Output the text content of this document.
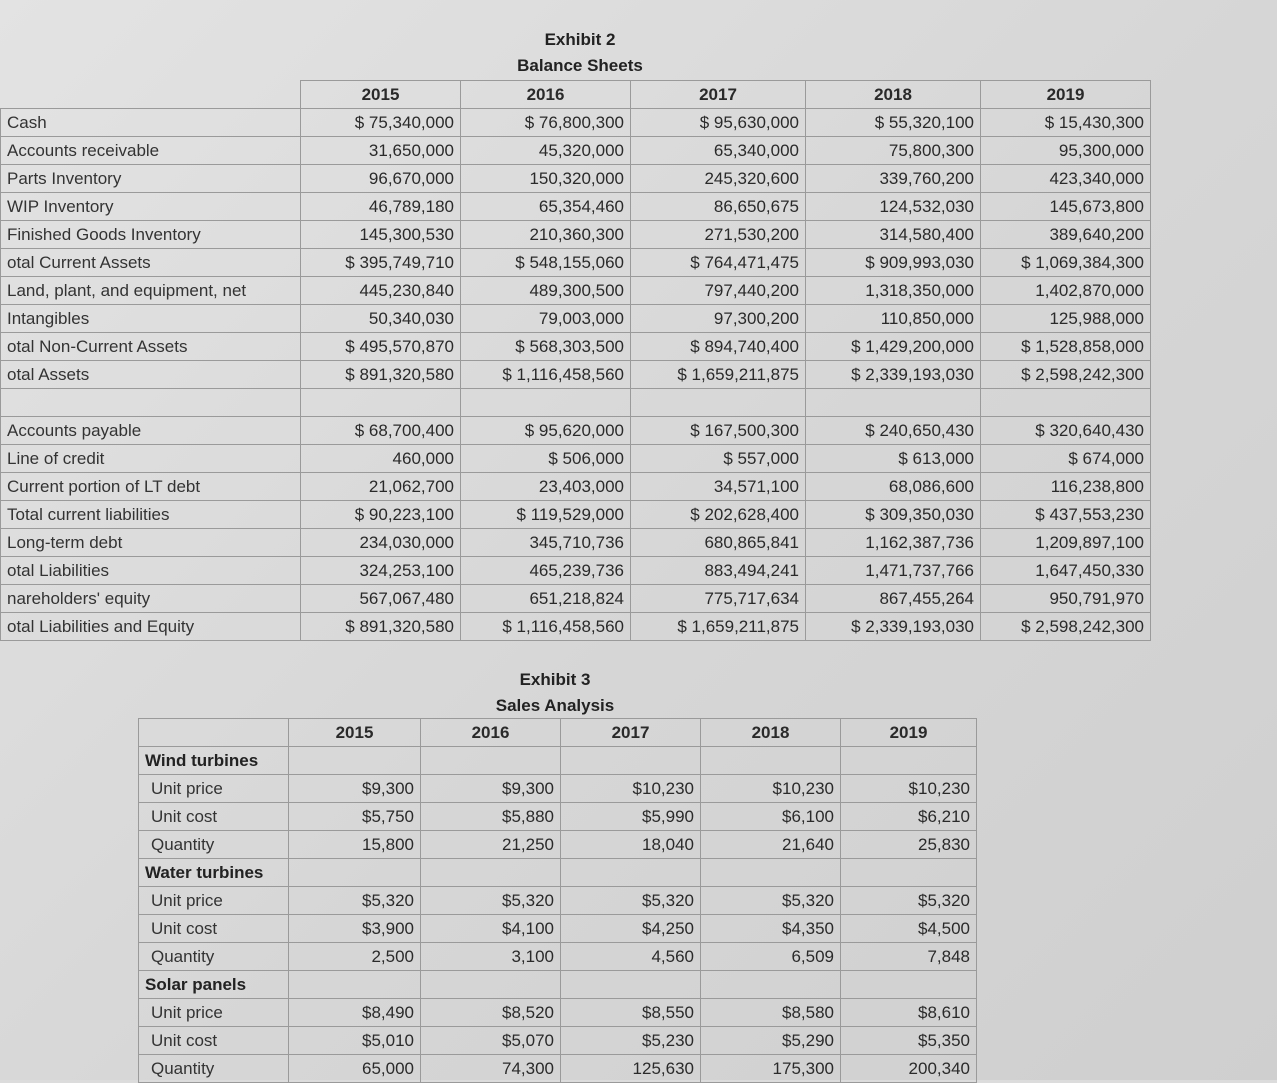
Exhibit 2
Balance Sheets
	2015	2016	2017	2018	2019
Cash	$ 75,340,000	$ 76,800,300	$ 95,630,000	$ 55,320,100	$ 15,430,300
Accounts receivable	31,650,000	45,320,000	65,340,000	75,800,300	95,300,000
Parts Inventory	96,670,000	150,320,000	245,320,600	339,760,200	423,340,000
WIP Inventory	46,789,180	65,354,460	86,650,675	124,532,030	145,673,800
Finished Goods Inventory	145,300,530	210,360,300	271,530,200	314,580,400	389,640,200
otal Current Assets	$ 395,749,710	$ 548,155,060	$ 764,471,475	$ 909,993,030	$ 1,069,384,300
Land, plant, and equipment, net	445,230,840	489,300,500	797,440,200	1,318,350,000	1,402,870,000
Intangibles	50,340,030	79,003,000	97,300,200	110,850,000	125,988,000
otal Non-Current Assets	$ 495,570,870	$ 568,303,500	$ 894,740,400	$ 1,429,200,000	$ 1,528,858,000
otal Assets	$ 891,320,580	$ 1,116,458,560	$ 1,659,211,875	$ 2,339,193,030	$ 2,598,242,300

Accounts payable	$ 68,700,400	$ 95,620,000	$ 167,500,300	$ 240,650,430	$ 320,640,430
Line of credit	460,000	$ 506,000	$ 557,000	$ 613,000	$ 674,000
Current portion of LT debt	21,062,700	23,403,000	34,571,100	68,086,600	116,238,800
Total current liabilities	$ 90,223,100	$ 119,529,000	$ 202,628,400	$ 309,350,030	$ 437,553,230
Long-term debt	234,030,000	345,710,736	680,865,841	1,162,387,736	1,209,897,100
otal Liabilities	324,253,100	465,239,736	883,494,241	1,471,737,766	1,647,450,330
nareholders' equity	567,067,480	651,218,824	775,717,634	867,455,264	950,791,970
otal Liabilities and Equity	$ 891,320,580	$ 1,116,458,560	$ 1,659,211,875	$ 2,339,193,030	$ 2,598,242,300
Exhibit 3
Sales Analysis
	2015	2016	2017	2018	2019
Wind turbines					
Unit price	$9,300	$9,300	$10,230	$10,230	$10,230
Unit cost	$5,750	$5,880	$5,990	$6,100	$6,210
Quantity	15,800	21,250	18,040	21,640	25,830
Water turbines					
Unit price	$5,320	$5,320	$5,320	$5,320	$5,320
Unit cost	$3,900	$4,100	$4,250	$4,350	$4,500
Quantity	2,500	3,100	4,560	6,509	7,848
Solar panels					
Unit price	$8,490	$8,520	$8,550	$8,580	$8,610
Unit cost	$5,010	$5,070	$5,230	$5,290	$5,350
Quantity	65,000	74,300	125,630	175,300	200,340
